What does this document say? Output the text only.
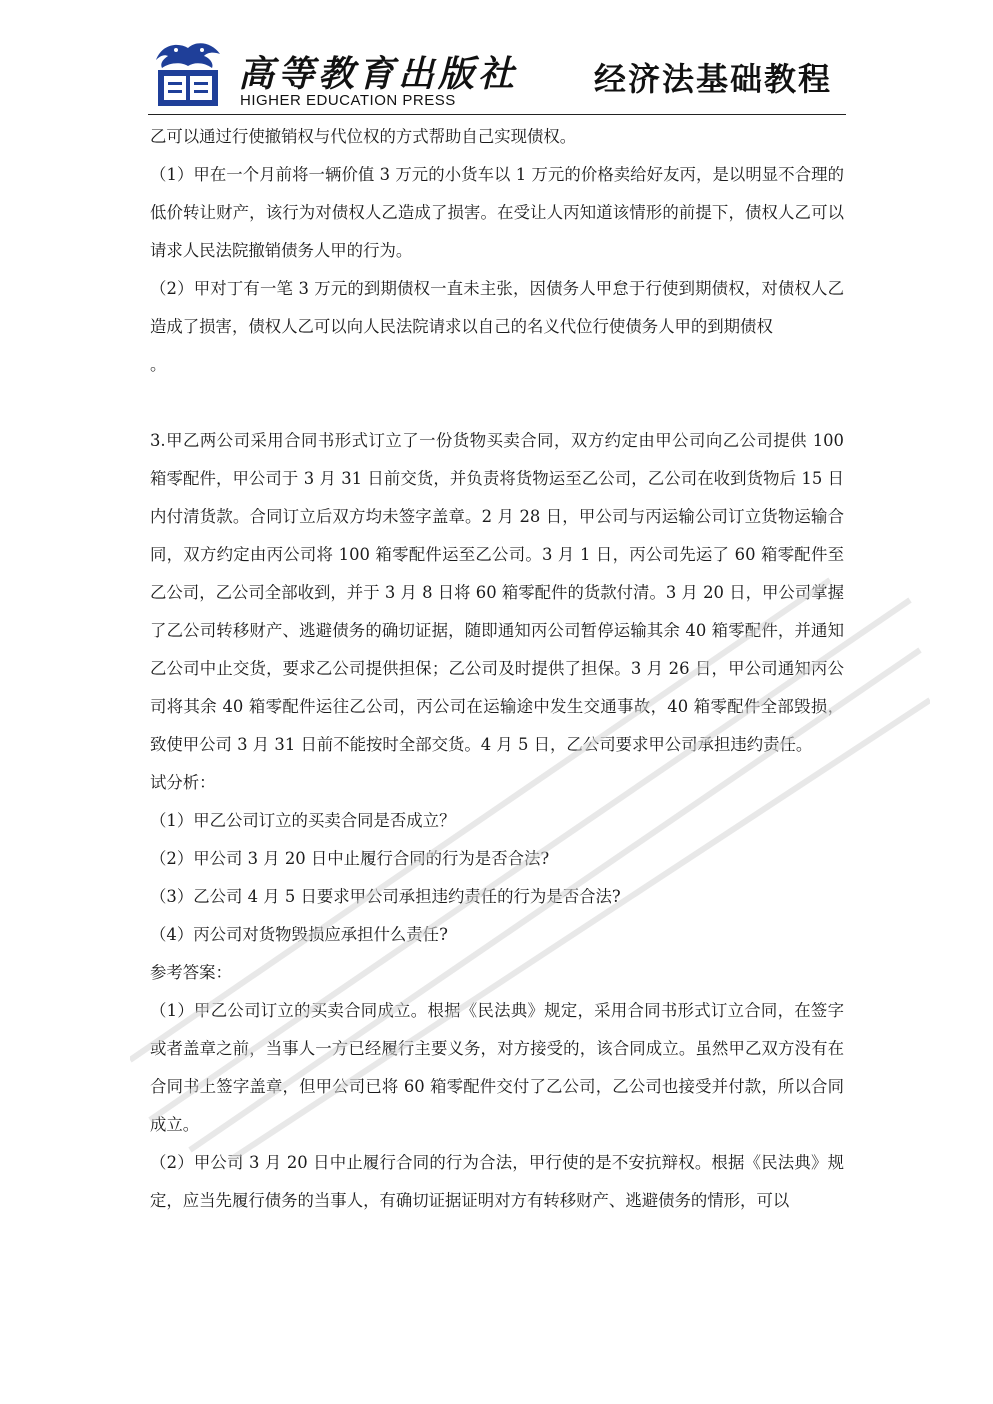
高等教育出版社
HIGHER EDUCATION PRESS
经济法基础教程

乙可以通过行使撤销权与代位权的方式帮助自己实现债权。

（1）甲在一个月前将一辆价值 3 万元的小货车以 1 万元的价格卖给好友丙，是以明显不合理的低价转让财产，该行为对债权人乙造成了损害。在受让人丙知道该情形的前提下，债权人乙可以请求人民法院撤销债务人甲的行为。

（2）甲对丁有一笔 3 万元的到期债权一直未主张，因债务人甲怠于行使到期债权，对债权人乙造成了损害，债权人乙可以向人民法院请求以自己的名义代位行使债务人甲的到期债权

。

3.甲乙两公司采用合同书形式订立了一份货物买卖合同，双方约定由甲公司向乙公司提供 100 箱零配件，甲公司于 3 月 31 日前交货，并负责将货物运至乙公司，乙公司在收到货物后 15 日内付清货款。合同订立后双方均未签字盖章。2 月 28 日，甲公司与丙运输公司订立货物运输合同，双方约定由丙公司将 100 箱零配件运至乙公司。3 月 1 日，丙公司先运了 60 箱零配件至乙公司，乙公司全部收到，并于 3 月 8 日将 60 箱零配件的货款付清。3 月 20 日，甲公司掌握了乙公司转移财产、逃避债务的确切证据，随即通知丙公司暂停运输其余 40 箱零配件，并通知乙公司中止交货，要求乙公司提供担保；乙公司及时提供了担保。3 月 26 日，甲公司通知丙公司将其余 40 箱零配件运往乙公司，丙公司在运输途中发生交通事故，40 箱零配件全部毁损，致使甲公司 3 月 31 日前不能按时全部交货。4 月 5 日，乙公司要求甲公司承担违约责任。

试分析：

（1）甲乙公司订立的买卖合同是否成立？

（2）甲公司 3 月 20 日中止履行合同的行为是否合法?

（3）乙公司 4 月 5 日要求甲公司承担违约责任的行为是否合法?

（4）丙公司对货物毁损应承担什么责任?

参考答案：

（1）甲乙公司订立的买卖合同成立。根据《民法典》规定，采用合同书形式订立合同，在签字或者盖章之前，当事人一方已经履行主要义务，对方接受的，该合同成立。虽然甲乙双方没有在合同书上签字盖章，但甲公司已将 60 箱零配件交付了乙公司，乙公司也接受并付款，所以合同成立。

（2）甲公司 3 月 20 日中止履行合同的行为合法，甲行使的是不安抗辩权。根据《民法典》规定，应当先履行债务的当事人，有确切证据证明对方有转移财产、逃避债务的情形，可以
